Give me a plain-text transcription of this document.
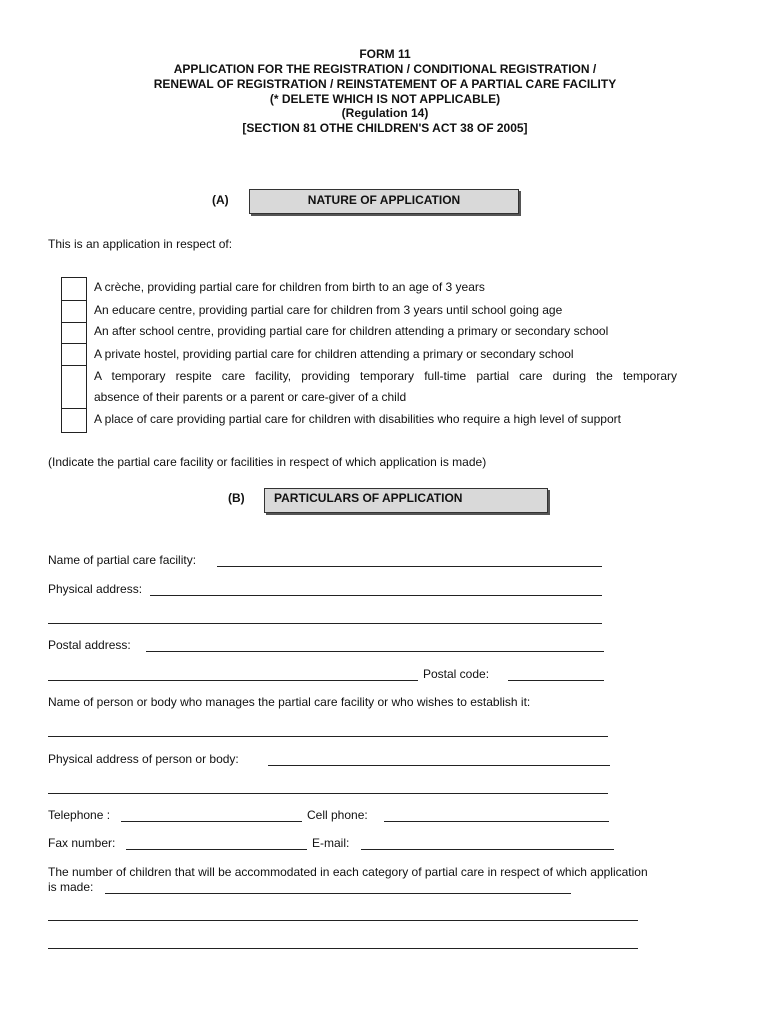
FORM 11
APPLICATION FOR THE REGISTRATION / CONDITIONAL REGISTRATION /
RENEWAL OF REGISTRATION / REINSTATEMENT OF A PARTIAL CARE FACILITY
(* DELETE WHICH IS NOT APPLICABLE)
(Regulation 14)
[SECTION 81 OTHE CHILDREN'S ACT 38 OF 2005]
(A)	NATURE OF APPLICATION
This is an application in respect of:
A crèche, providing partial care for children from birth to an age of 3 years
An educare centre, providing partial care for children from 3 years until school going age
An after school centre, providing partial care for children attending a primary or secondary school
A private hostel, providing partial care for children attending a primary or secondary school
A temporary respite care facility, providing temporary full-time partial care during the temporary
absence of their parents or a parent or care-giver of a child
A place of care providing partial care for children with disabilities who require a high level of support
(Indicate the partial care facility or facilities in respect of which application is made)
(B)	PARTICULARS OF APPLICATION
Name of partial care facility:
Physical address:
Postal address:
Postal code:
Name of person or body who manages the partial care facility or who wishes to establish it:
Physical address of person or body:
Telephone :	Cell phone:
Fax number:	E-mail:
The number of children that will be accommodated in each category of partial care in respect of which application
is made:
